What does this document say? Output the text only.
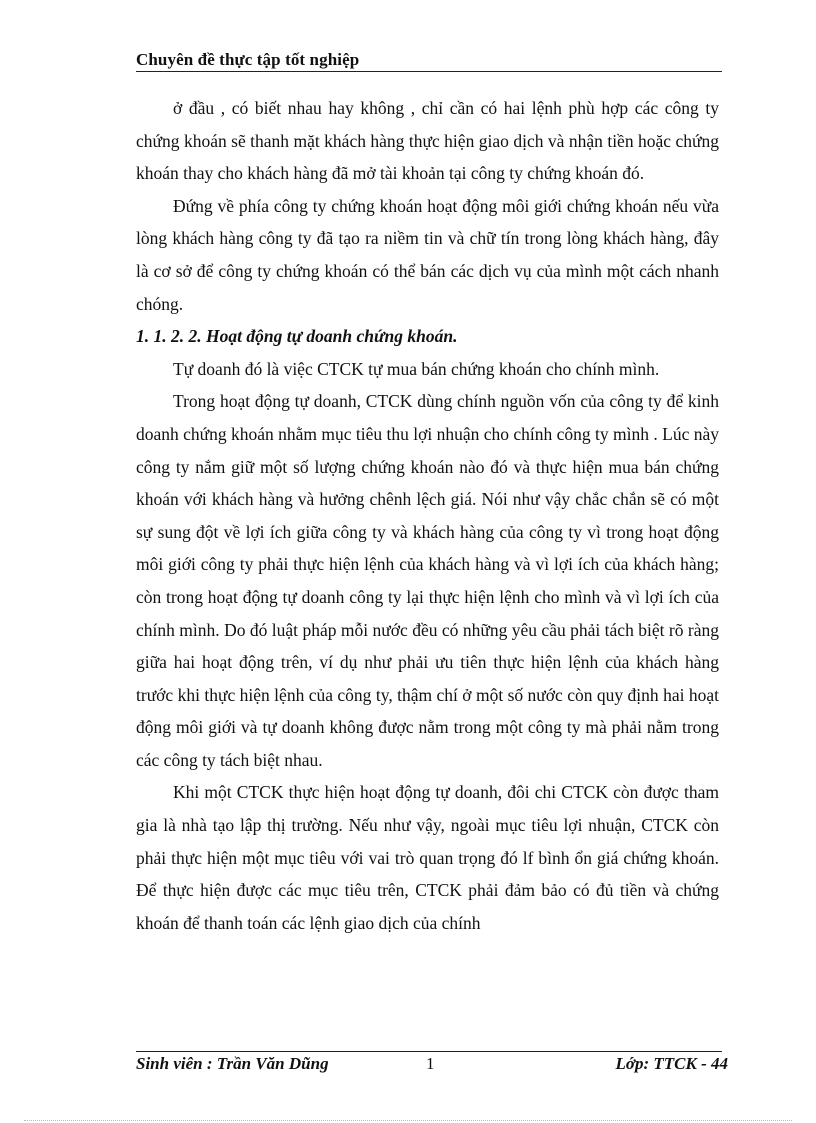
Chuyên đề thực tập tốt nghiệp

ở đầu , có biết nhau hay không , chỉ cần có hai lệnh phù hợp các công ty chứng khoán sẽ thanh mặt khách hàng thực hiện giao dịch và nhận tiền hoặc chứng khoán thay cho khách hàng đã mở tài khoản tại công ty chứng khoán đó.

Đứng về phía công ty chứng khoán hoạt động môi giới chứng khoán nếu vừa lòng khách hàng công ty đã tạo ra niềm tin và chữ tín trong lòng khách hàng, đây là cơ sở để công ty chứng khoán có thể bán các dịch vụ của mình một cách nhanh chóng.

1. 1. 2. 2. Hoạt động tự doanh chứng khoán.

Tự doanh đó là việc CTCK tự mua bán chứng khoán cho chính mình.

Trong hoạt động tự doanh, CTCK dùng chính nguồn vốn của công ty để kinh doanh chứng khoán nhằm mục tiêu thu lợi nhuận cho chính công ty mình . Lúc này công ty nắm giữ một số lượng chứng khoán nào đó và thực hiện mua bán chứng khoán với khách hàng và hưởng chênh lệch giá. Nói như vậy chắc chắn sẽ có một sự sung đột về lợi ích giữa công ty và khách hàng của công ty vì trong hoạt động môi giới công ty phải thực hiện lệnh của khách hàng và vì lợi ích của khách hàng; còn trong hoạt động tự doanh công ty lại thực hiện lệnh cho mình và vì lợi ích của chính mình. Do đó luật pháp mỗi nước đều có những yêu cầu phải tách biệt rõ ràng giữa hai hoạt động trên, ví dụ như phải ưu tiên thực hiện lệnh của khách hàng trước khi thực hiện lệnh của công ty, thậm chí ở một số nước còn quy định hai hoạt động môi giới và tự doanh không được nằm trong một công ty mà phải nằm trong các công ty tách biệt nhau.

Khi một CTCK thực hiện hoạt động tự doanh, đôi chi CTCK còn được tham gia là nhà tạo lập thị trường. Nếu như vậy, ngoài mục tiêu lợi nhuận, CTCK còn phải thực hiện một mục tiêu với vai trò quan trọng đó lf bình ổn giá chứng khoán. Để thực hiện được các mục tiêu trên, CTCK phải đảm bảo có đủ tiền và chứng khoán để thanh toán các lệnh giao dịch của chính

Sinh viên : Trần Văn Dũng	1	Lớp: TTCK - 44
